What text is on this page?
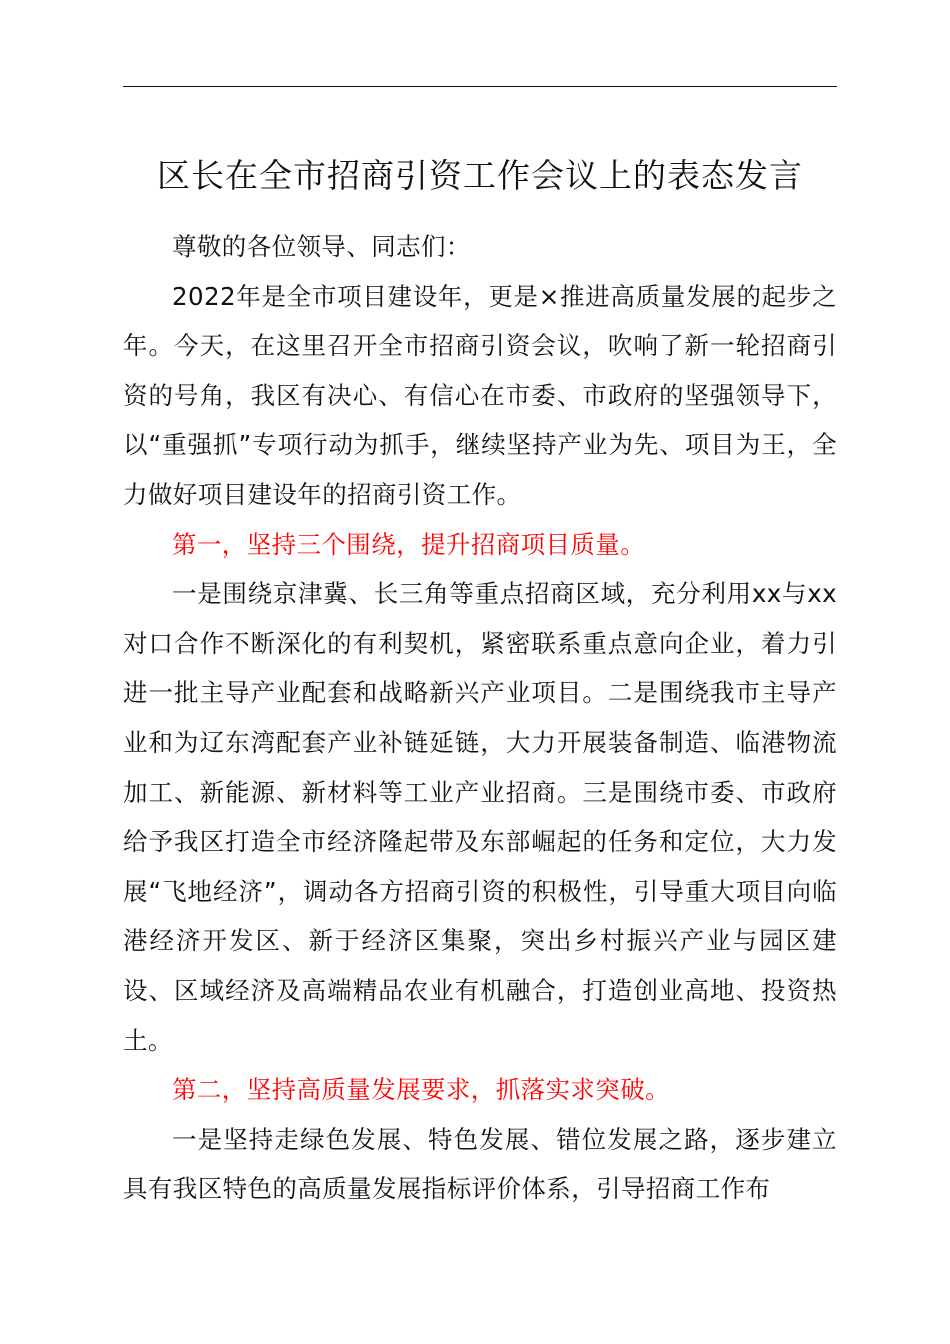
区长在全市招商引资工作会议上的表态发言

尊敬的各位领导、同志们：

2022年是全市项目建设年，更是×推进高质量发展的起步之年。今天，在这里召开全市招商引资会议，吹响了新一轮招商引资的号角，我区有决心、有信心在市委、市政府的坚强领导下，以“重强抓”专项行动为抓手，继续坚持产业为先、项目为王，全力做好项目建设年的招商引资工作。

第一，坚持三个围绕，提升招商项目质量。

一是围绕京津冀、长三角等重点招商区域，充分利用xx与xx对口合作不断深化的有利契机，紧密联系重点意向企业，着力引进一批主导产业配套和战略新兴产业项目。二是围绕我市主导产业和为辽东湾配套产业补链延链，大力开展装备制造、临港物流加工、新能源、新材料等工业产业招商。三是围绕市委、市政府给予我区打造全市经济隆起带及东部崛起的任务和定位，大力发展“飞地经济”，调动各方招商引资的积极性，引导重大项目向临港经济开发区、新于经济区集聚，突出乡村振兴产业与园区建设、区域经济及高端精品农业有机融合，打造创业高地、投资热土。

第二，坚持高质量发展要求，抓落实求突破。

一是坚持走绿色发展、特色发展、错位发展之路，逐步建立具有我区特色的高质量发展指标评价体系，引导招商工作布
